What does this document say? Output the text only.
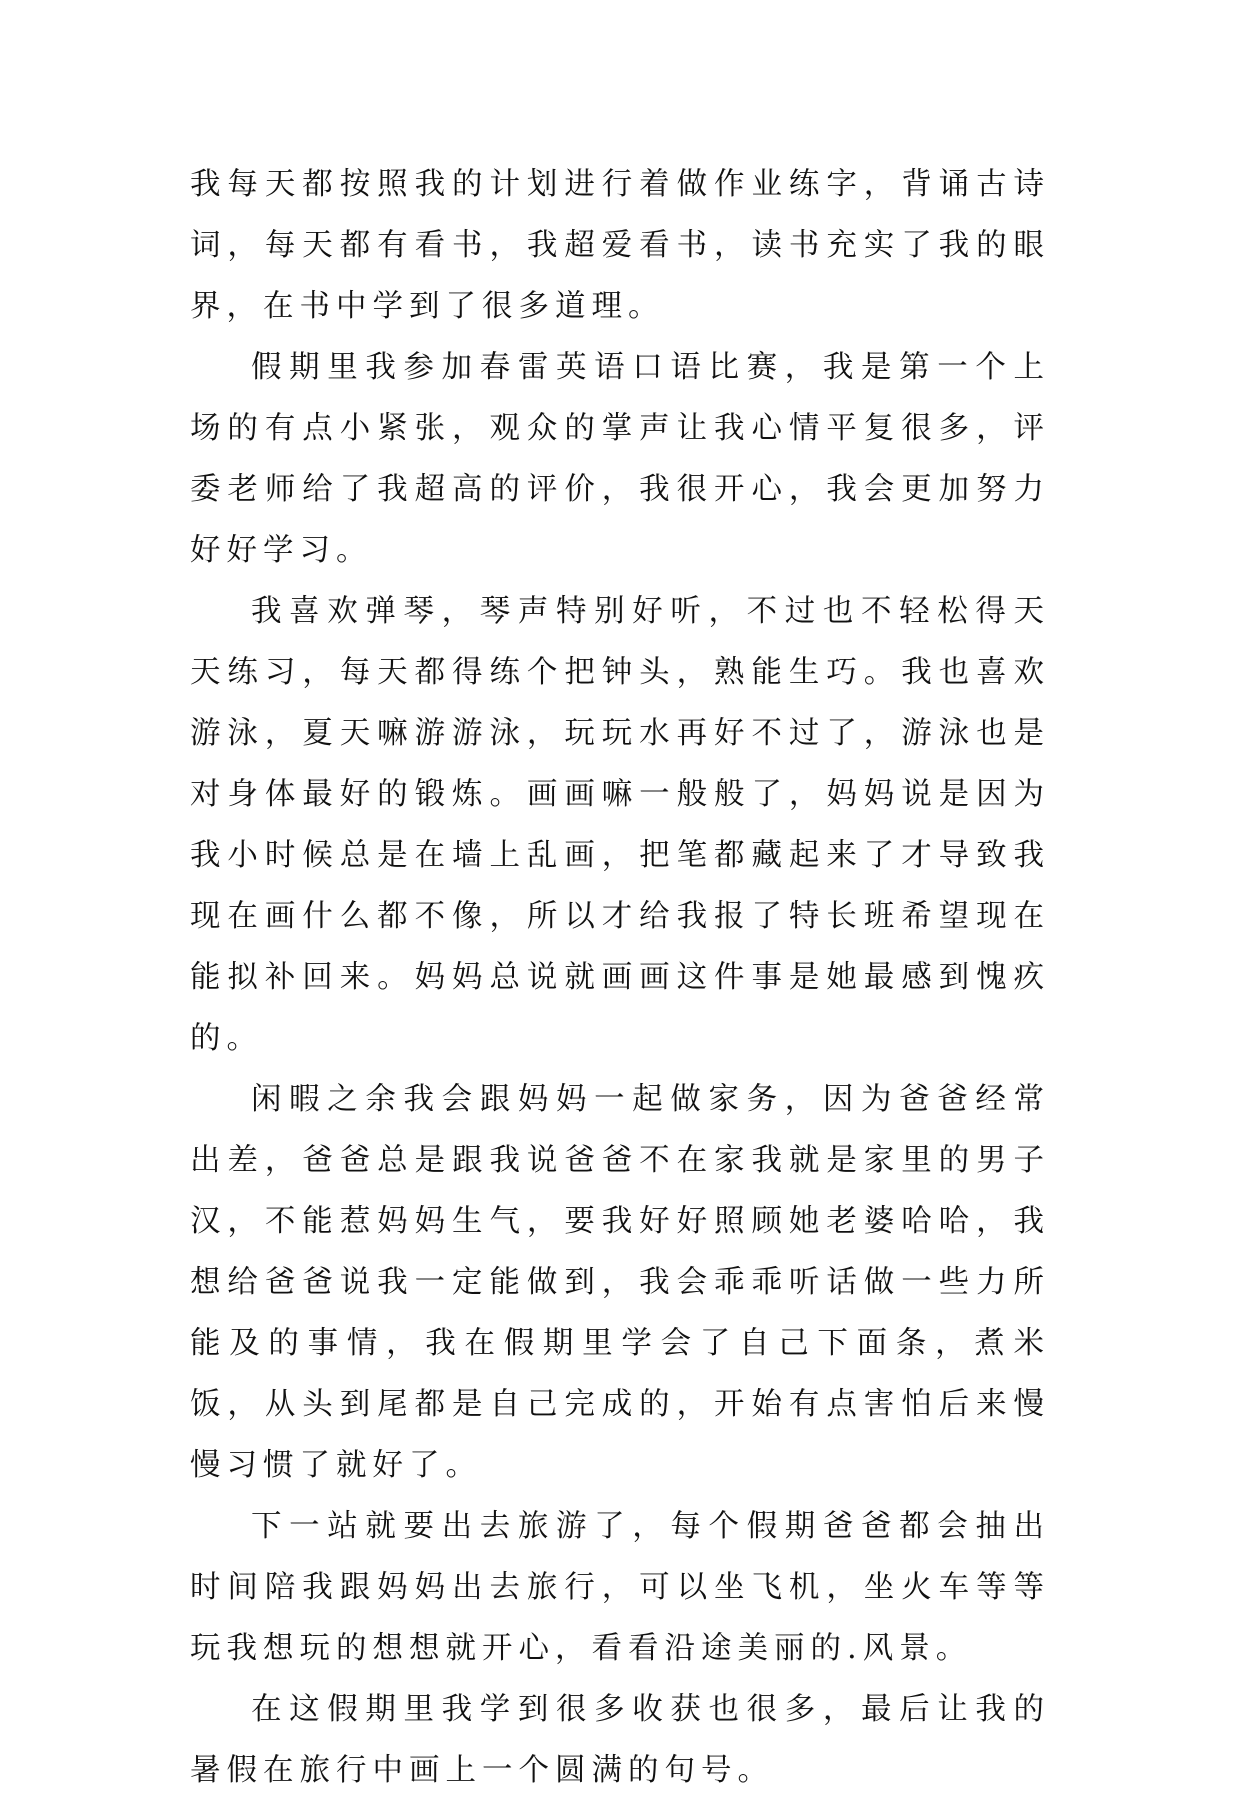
我每天都按照我的计划进行着做作业练字，背诵古诗词，每天都有看书，我超爱看书，读书充实了我的眼界，在书中学到了很多道理。

假期里我参加春雷英语口语比赛，我是第一个上场的有点小紧张，观众的掌声让我心情平复很多，评委老师给了我超高的评价，我很开心，我会更加努力好好学习。

我喜欢弹琴，琴声特别好听，不过也不轻松得天天练习，每天都得练个把钟头，熟能生巧。我也喜欢游泳，夏天嘛游游泳，玩玩水再好不过了，游泳也是对身体最好的锻炼。画画嘛一般般了，妈妈说是因为我小时候总是在墙上乱画，把笔都藏起来了才导致我现在画什么都不像，所以才给我报了特长班希望现在能拟补回来。妈妈总说就画画这件事是她最感到愧疚的。

闲暇之余我会跟妈妈一起做家务，因为爸爸经常出差，爸爸总是跟我说爸爸不在家我就是家里的男子汉，不能惹妈妈生气，要我好好照顾她老婆哈哈，我想给爸爸说我一定能做到，我会乖乖听话做一些力所能及的事情，我在假期里学会了自己下面条，煮米饭，从头到尾都是自己完成的，开始有点害怕后来慢慢习惯了就好了。

下一站就要出去旅游了，每个假期爸爸都会抽出时间陪我跟妈妈出去旅行，可以坐飞机，坐火车等等玩我想玩的想想就开心，看看沿途美丽的.风景。

在这假期里我学到很多收获也很多，最后让我的暑假在旅行中画上一个圆满的句号。
